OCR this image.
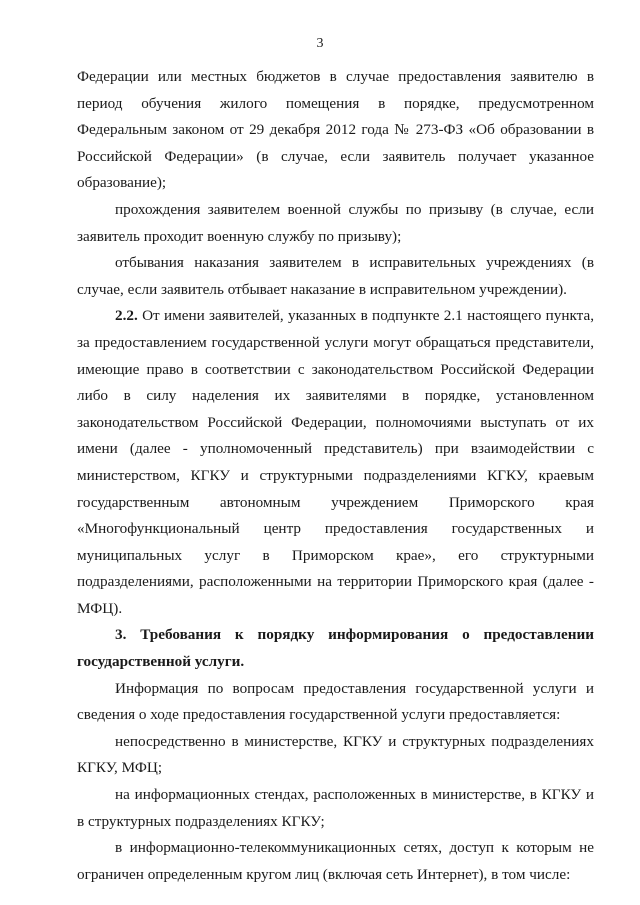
3

Федерации или местных бюджетов в случае предоставления заявителю в период обучения жилого помещения в порядке, предусмотренном Федеральным законом от 29 декабря 2012 года № 273-ФЗ «Об образовании в Российской Федерации» (в случае, если заявитель получает указанное образование);

прохождения заявителем военной службы по призыву (в случае, если заявитель проходит военную службу по призыву);

отбывания наказания заявителем в исправительных учреждениях (в случае, если заявитель отбывает наказание в исправительном учреждении).

2.2. От имени заявителей, указанных в подпункте 2.1 настоящего пункта, за предоставлением государственной услуги могут обращаться представители, имеющие право в соответствии с законодательством Российской Федерации либо в силу наделения их заявителями в порядке, установленном законодательством Российской Федерации, полномочиями выступать от их имени (далее - уполномоченный представитель) при взаимодействии с министерством, КГКУ и структурными подразделениями КГКУ, краевым государственным автономным учреждением Приморского края «Многофункциональный центр предоставления государственных и муниципальных услуг в Приморском крае», его структурными подразделениями, расположенными на территории Приморского края (далее - МФЦ).

3. Требования к порядку информирования о предоставлении государственной услуги.

Информация по вопросам предоставления государственной услуги и сведения о ходе предоставления государственной услуги предоставляется:

непосредственно в министерстве, КГКУ и структурных подразделениях КГКУ, МФЦ;

на информационных стендах, расположенных в министерстве, в КГКУ и в структурных подразделениях КГКУ;

в информационно-телекоммуникационных сетях, доступ к которым не ограничен определенным кругом лиц (включая сеть Интернет), в том числе:
